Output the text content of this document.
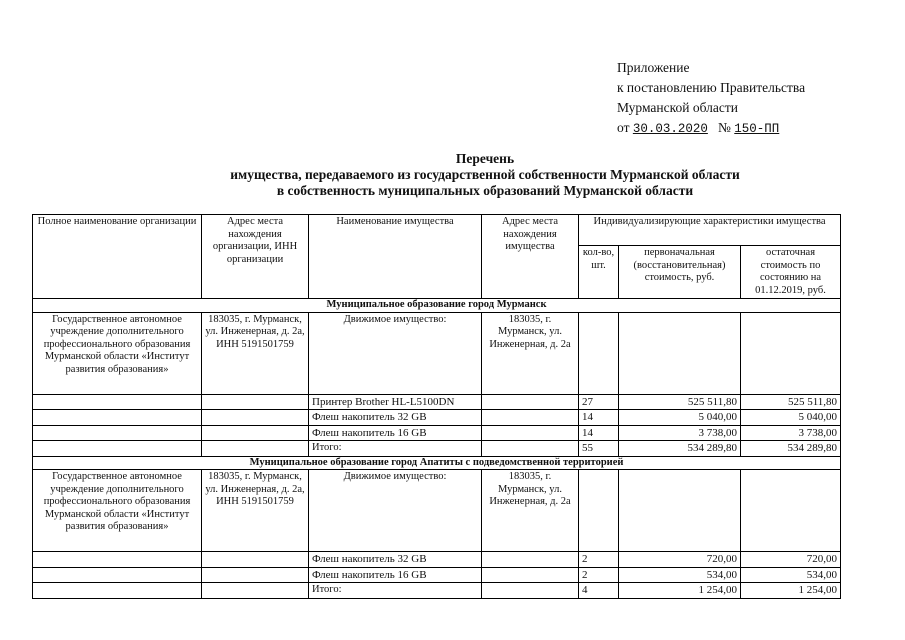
Приложение
к постановлению Правительства
Мурманской области
от 30.03.2020 № 150-ПП
Перечень
имущества, передаваемого из государственной собственности Мурманской области
в собственность муниципальных образований Мурманской области
Полное наименование организации	Адрес места нахождения организации, ИНН организации	Наименование имущества	Адрес места нахождения имущества	Индивидуализирующие характеристики имущества		
				кол-во, шт.	первоначальная (восстановительная) стоимость, руб.	остаточная стоимость по состоянию на 01.12.2019, руб.
Муниципальное образование город Мурманск						
Государственное автономное учреждение дополнительного профессионального образования Мурманской области «Институт развития образования»	183035, г. Мурманск, ул. Инженерная, д. 2а, ИНН 5191501759	Движимое имущество:	183035, г. Мурманск, ул. Инженерная, д. 2а			
		Принтер Brother HL-L5100DN		27	525 511,80	525 511,80
		Флеш накопитель 32 GB		14	5 040,00	5 040,00
		Флеш накопитель 16 GB		14	3 738,00	3 738,00
		Итого:		55	534 289,80	534 289,80
Муниципальное образование город Апатиты с подведомственной территорией						
Государственное автономное учреждение дополнительного профессионального образования Мурманской области «Институт развития образования»	183035, г. Мурманск, ул. Инженерная, д. 2а, ИНН 5191501759	Движимое имущество:	183035, г. Мурманск, ул. Инженерная, д. 2а			
		Флеш накопитель 32 GB		2	720,00	720,00
		Флеш накопитель 16 GB		2	534,00	534,00
		Итого:		4	1 254,00	1 254,00
